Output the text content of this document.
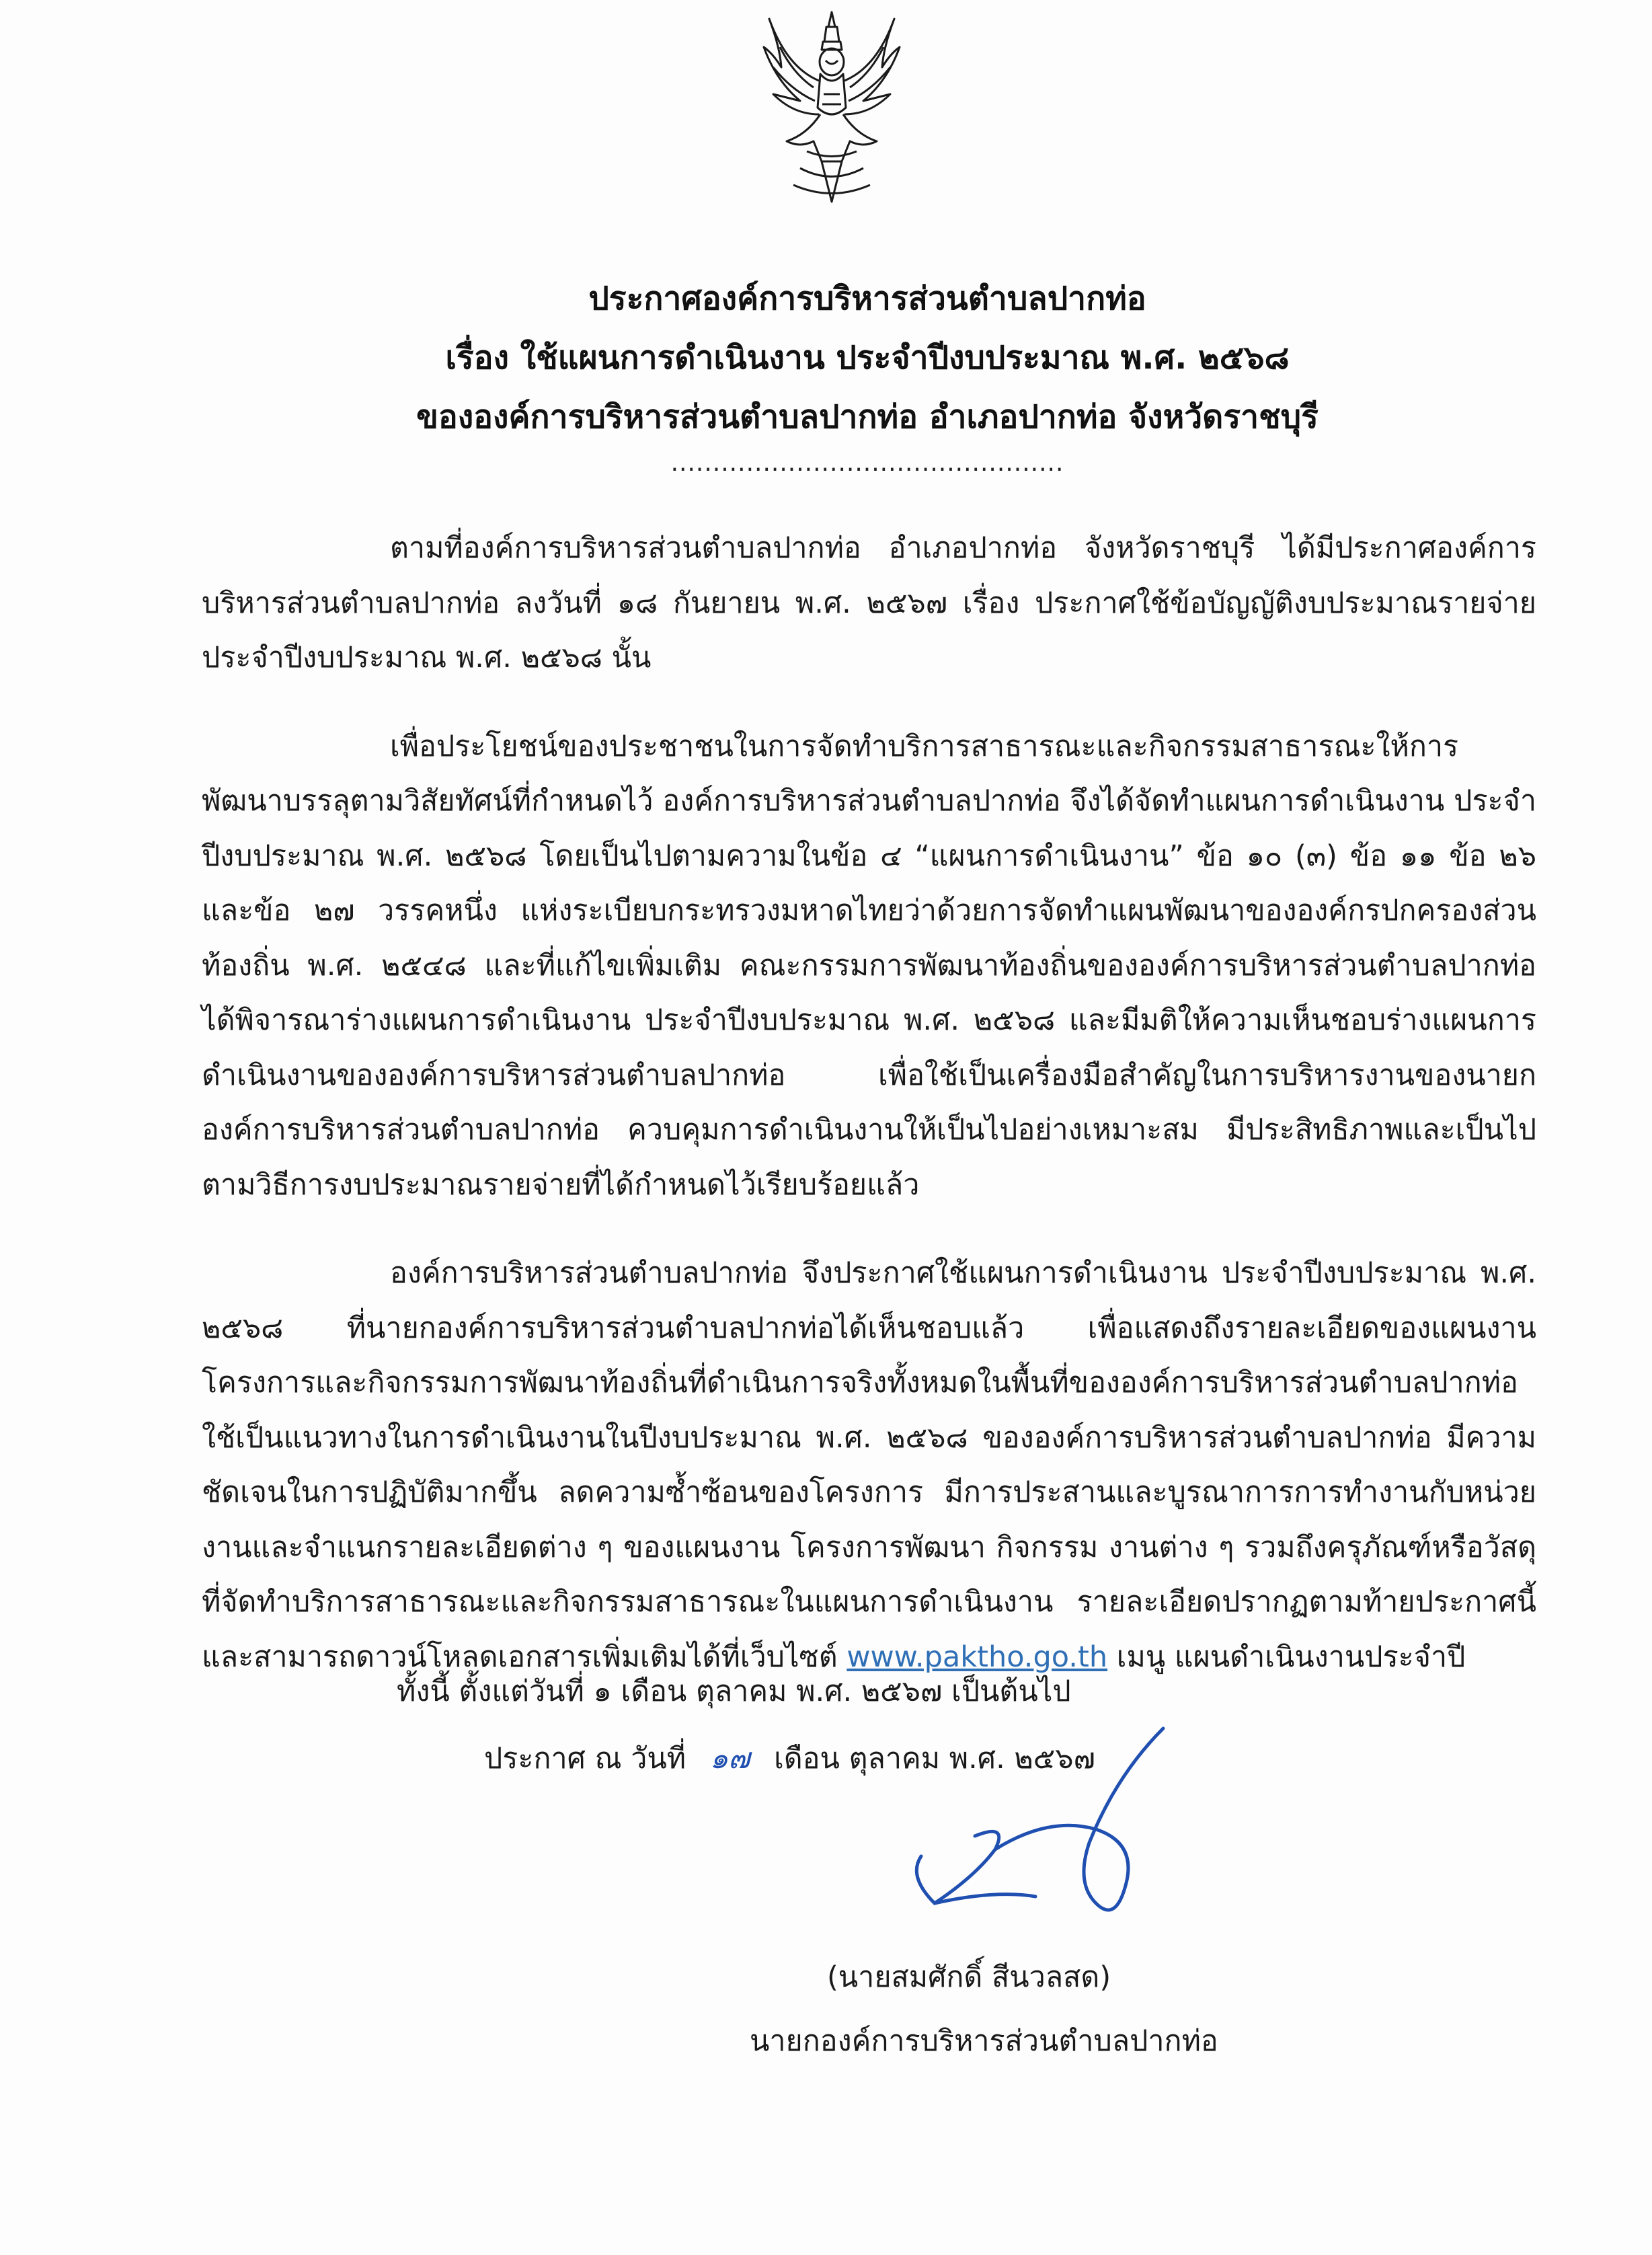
ประกาศองค์การบริหารส่วนตำบลปากท่อ
เรื่อง ใช้แผนการดำเนินงาน ประจำปีงบประมาณ พ.ศ. ๒๕๖๘
ขององค์การบริหารส่วนตำบลปากท่อ อำเภอปากท่อ จังหวัดราชบุรี
...............................................

ตามที่องค์การบริหารส่วนตำบลปากท่อ อำเภอปากท่อ จังหวัดราชบุรี ได้มีประกาศองค์การบริหารส่วนตำบลปากท่อ ลงวันที่ ๑๘ กันยายน พ.ศ. ๒๕๖๗ เรื่อง ประกาศใช้ข้อบัญญัติงบประมาณรายจ่าย ประจำปีงบประมาณ พ.ศ. ๒๕๖๘ นั้น

เพื่อประโยชน์ของประชาชนในการจัดทำบริการสาธารณะและกิจกรรมสาธารณะให้การพัฒนาบรรลุตามวิสัยทัศน์ที่กำหนดไว้ องค์การบริหารส่วนตำบลปากท่อ จึงได้จัดทำแผนการดำเนินงาน ประจำปีงบประมาณ พ.ศ. ๒๕๖๘ โดยเป็นไปตามความในข้อ ๔ “แผนการดำเนินงาน” ข้อ ๑๐ (๓) ข้อ ๑๑ ข้อ ๒๖ และข้อ ๒๗ วรรคหนึ่ง แห่งระเบียบกระทรวงมหาดไทยว่าด้วยการจัดทำแผนพัฒนาขององค์กรปกครองส่วนท้องถิ่น พ.ศ. ๒๕๔๘ และที่แก้ไขเพิ่มเติม คณะกรรมการพัฒนาท้องถิ่นขององค์การบริหารส่วนตำบลปากท่อ ได้พิจารณาร่างแผนการดำเนินงาน ประจำปีงบประมาณ พ.ศ. ๒๕๖๘ และมีมติให้ความเห็นชอบร่างแผนการดำเนินงานขององค์การบริหารส่วนตำบลปากท่อ เพื่อใช้เป็นเครื่องมือสำคัญในการบริหารงานของนายกองค์การบริหารส่วนตำบลปากท่อ ควบคุมการดำเนินงานให้เป็นไปอย่างเหมาะสม มีประสิทธิภาพและเป็นไปตามวิธีการงบประมาณรายจ่ายที่ได้กำหนดไว้เรียบร้อยแล้ว

องค์การบริหารส่วนตำบลปากท่อ จึงประกาศใช้แผนการดำเนินงาน ประจำปีงบประมาณ พ.ศ. ๒๕๖๘ ที่นายกองค์การบริหารส่วนตำบลปากท่อได้เห็นชอบแล้ว เพื่อแสดงถึงรายละเอียดของแผนงานโครงการและกิจกรรมการพัฒนาท้องถิ่นที่ดำเนินการจริงทั้งหมดในพื้นที่ขององค์การบริหารส่วนตำบลปากท่อใช้เป็นแนวทางในการดำเนินงานในปีงบประมาณ พ.ศ. ๒๕๖๘ ขององค์การบริหารส่วนตำบลปากท่อ มีความชัดเจนในการปฏิบัติมากขึ้น ลดความซ้ำซ้อนของโครงการ มีการประสานและบูรณาการการทำงานกับหน่วยงานและจำแนกรายละเอียดต่าง ๆ ของแผนงาน โครงการพัฒนา กิจกรรม งานต่าง ๆ รวมถึงครุภัณฑ์หรือวัสดุที่จัดทำบริการสาธารณะและกิจกรรมสาธารณะในแผนการดำเนินงาน รายละเอียดปรากฏตามท้ายประกาศนี้ และสามารถดาวน์โหลดเอกสารเพิ่มเติมได้ที่เว็บไซต์ www.paktho.go.th เมนู แผนดำเนินงานประจำปี

ทั้งนี้ ตั้งแต่วันที่ ๑ เดือน ตุลาคม พ.ศ. ๒๕๖๗ เป็นต้นไป
ประกาศ ณ วันที่ ๑๗ เดือน ตุลาคม พ.ศ. ๒๕๖๗
(นายสมศักดิ์ สีนวลสด)
นายกองค์การบริหารส่วนตำบลปากท่อ
